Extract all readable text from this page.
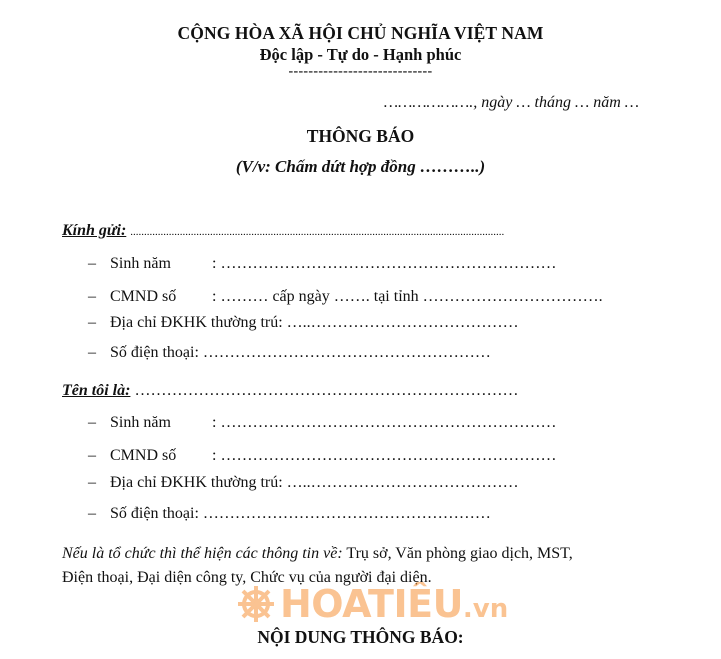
CỘNG HÒA XÃ HỘI CHỦ NGHĨA VIỆT NAM
Độc lập - Tự do - Hạnh phúc
-----------------------------
………………., ngày … tháng … năm …
THÔNG BÁO
(V/v: Chấm dứt hợp đồng ………..)
Kính gửi: ........................................................................................................................................
– Sinh năm : ………………………………………………………
– CMND số : ……… cấp ngày ……. tại tỉnh …………………………….
– Địa chỉ ĐKHK thường trú: …..…………………………………
– Số điện thoại: ………………………………………………
Tên tôi là: ………………………………………………………………
– Sinh năm : ………………………………………………………
– CMND số : ………………………………………………………
– Địa chỉ ĐKHK thường trú: …..…………………………………
– Số điện thoại: ………………………………………………
Nếu là tổ chức thì thể hiện các thông tin về: Trụ sở, Văn phòng giao dịch, MST,
Điện thoại, Đại diện công ty, Chức vụ của người đại diện.
HOATIÊU.vn
NỘI DUNG THÔNG BÁO:
